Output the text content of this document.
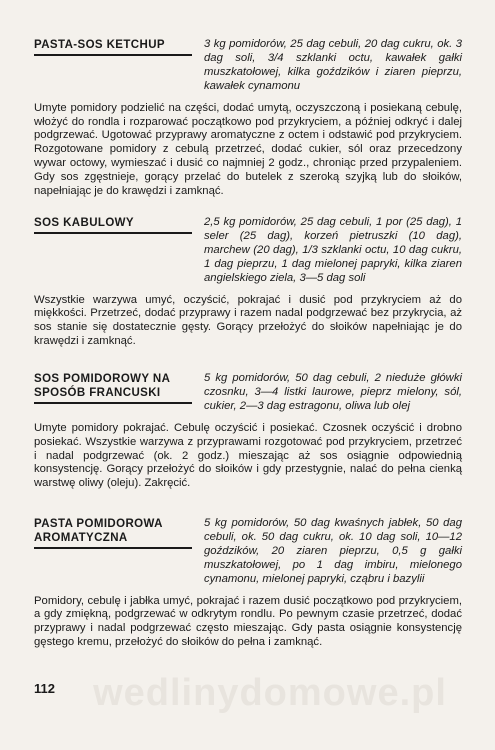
PASTA-SOS KETCHUP	3 kg pomidorów, 25 dag cebuli, 20 dag cukru, ok. 3 dag soli, 3/4 szklanki octu, kawałek gałki muszkatołowej, kilka goździków i ziaren pieprzu, kawałek cynamonu
Umyte pomidory podzielić na części, dodać umytą, oczyszczoną i posiekaną cebulę, włożyć do rondla i rozparować początkowo pod przykryciem, a później odkryć i dalej podgrzewać. Ugotować przyprawy aromatyczne z octem i odstawić pod przykryciem. Rozgotowane pomidory z cebulą przetrzeć, dodać cukier, sól oraz przecedzony wywar octowy, wymieszać i dusić co najmniej 2 godz., chroniąc przed przypaleniem. Gdy sos zgęstnieje, gorący przelać do butelek z szeroką szyjką lub do słoików, napełniając je do krawędzi i zamknąć.
SOS KABULOWY	2,5 kg pomidorów, 25 dag cebuli, 1 por (25 dag), 1 seler (25 dag), korzeń pietruszki (10 dag), marchew (20 dag), 1/3 szklanki octu, 10 dag cukru, 1 dag pieprzu, 1 dag mielonej papryki, kilka ziaren angielskiego ziela, 3—5 dag soli
Wszystkie warzywa umyć, oczyścić, pokrajać i dusić pod przykryciem aż do miękkości. Przetrzeć, dodać przyprawy i razem nadal podgrzewać bez przykrycia, aż sos stanie się dostatecznie gęsty. Gorący przełożyć do słoików napełniając je do krawędzi i zamknąć.
SOS POMIDOROWY NA SPOSÓB FRANCUSKI
5 kg pomidorów, 50 dag cebuli, 2 nieduże główki czosnku, 3—4 listki laurowe, pieprz mielony, sól, cukier, 2—3 dag estragonu, oliwa lub olej
Umyte pomidory pokrajać. Cebulę oczyścić i posiekać. Czosnek oczyścić i drobno posiekać. Wszystkie warzywa z przyprawami rozgotować pod przykryciem, przetrzeć i nadal podgrzewać (ok. 2 godz.) mieszając aż sos osiągnie odpowiednią konsystencję. Gorący przełożyć do słoików i gdy przestygnie, nalać do pełna cienką warstwę oliwy (oleju). Zakręcić.
PASTA POMIDOROWA AROMATYCZNA
5 kg pomidorów, 50 dag kwaśnych jabłek, 50 dag cebuli, ok. 50 dag cukru, ok. 10 dag soli, 10—12 goździków, 20 ziaren pieprzu, 0,5 g gałki muszkatołowej, po 1 dag imbiru, mielonego cynamonu, mielonej papryki, cząbru i bazylii
Pomidory, cebulę i jabłka umyć, pokrajać i razem dusić początkowo pod przykryciem, a gdy zmiękną, podgrzewać w odkrytym rondlu. Po pewnym czasie przetrzeć, dodać przyprawy i nadal podgrzewać często mieszając. Gdy pasta osiągnie konsystencję gęstego kremu, przełożyć do słoików do pełna i zamknąć.
wedlinydomowe.pl
112
